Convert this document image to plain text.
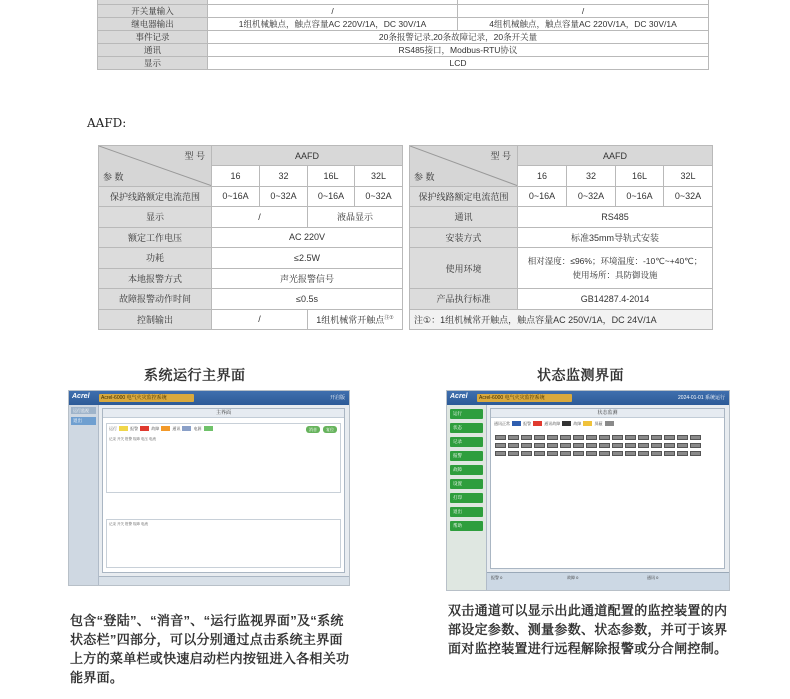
开关量输入	/	/
继电器输出	1组机械触点，触点容量AC 220V/1A，DC 30V/1A	4组机械触点，触点容量AC 220V/1A，DC 30V/1A
事件记录	20条报警记录,20条故障记录，20条开关量	
通讯	RS485接口，Modbus-RTU协议	
显示	LCD	
AAFD:
型 号
参 数	AAFD			
	16	32	16L	32L
保护线路额定电流范围	0~16A	0~32A	0~16A	0~32A
显示	/		液晶显示	
额定工作电压	AC 220V			
功耗	≤2.5W			
本地报警方式	声光报警信号			
故障报警动作时间	≤0.5s			
控制输出	/		1组机械常开触点$^{注①}$
型 号
参 数	AAFD			
	16	32	16L	32L
保护线路额定电流范围	0~16A	0~32A	0~16A	0~32A
通讯	RS485			
安装方式	标准35mm导轨式安装			
使用环境	相对湿度：≤96%；环境温度：-10℃~+40℃；
使用场所：具防御设施			

产品执行标准	GB14287.4-2014			
注①：1组机械常开触点，触点容量AC 250V/1A，DC 24V/1A				
系统运行主界面
Acrel	Acrel-6000 电气火灾监控系统	开启版
运行监视
退出
主界面
运行	报警	故障	通讯	电源	消音	复位
记录 开关 报警 故障 电压 电流
记录 开关 报警 故障 电流
包含“登陆”、“消音”、“运行监视界面”及“系统状态栏”四部分，可以分别通过点击系统主界面上方的菜单栏或快速启动栏内按钮进入各相关功能界面。
状态监测界面
Acrel	Acrel-6000 电气火灾监控系统	2024-01-01 系统运行
运行
状态
记录
报警
故障
设置
打印
退出
帮助
状态监测
通讯正常	报警	通讯故障	故障	屏蔽
报警 0	故障 0	通讯 0
双击通道可以显示出此通道配置的监控装置的内部设定参数、测量参数、状态参数，并可于该界面对监控装置进行远程解除报警或分合闸控制。
